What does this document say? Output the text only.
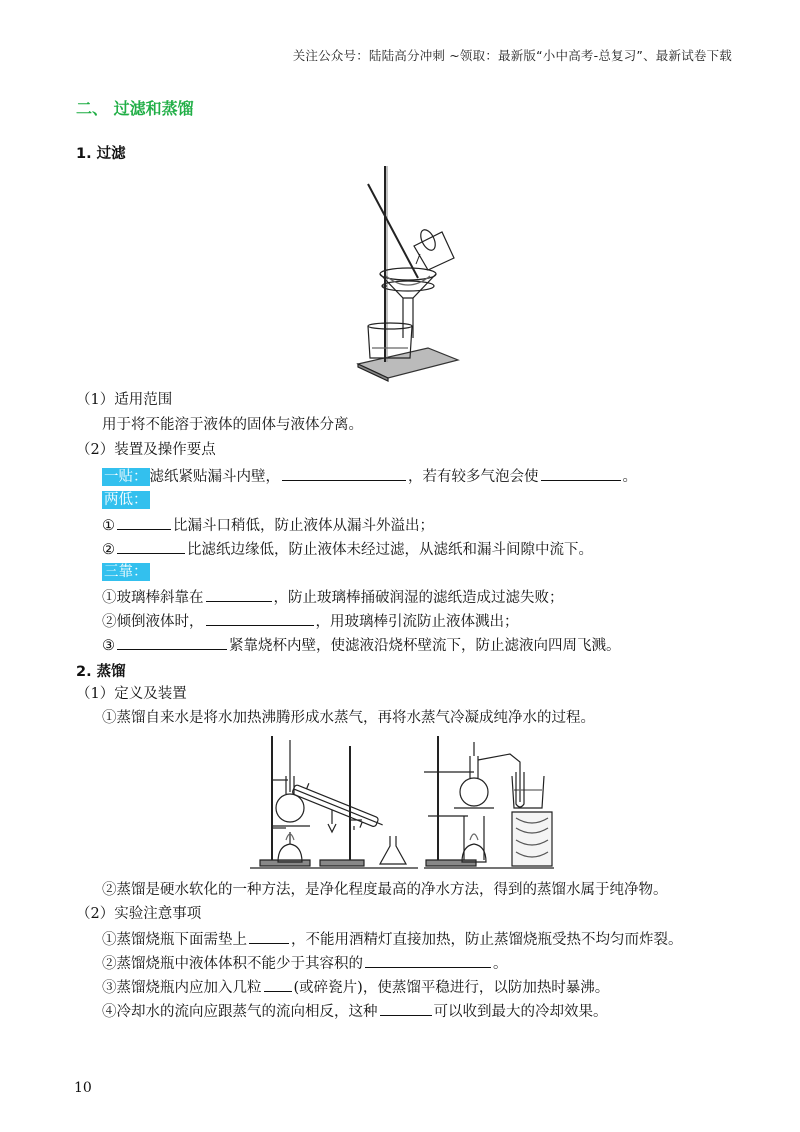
关注公众号：陆陆高分冲刺 ~领取：最新版“小中高考-总复习”、最新试卷下载
二、 过滤和蒸馏
1. 过滤
（1）适用范围
用于将不能溶于液体的固体与液体分离。
（2）装置及操作要点
一贴： 滤纸紧贴漏斗内壁，	，若有较多气泡会使	。
两低：
①	比漏斗口稍低，防止液体从漏斗外溢出；
②	比滤纸边缘低，防止液体未经过滤，从滤纸和漏斗间隙中流下。
三靠：
①玻璃棒斜靠在	，防止玻璃棒捅破润湿的滤纸造成过滤失败；
②倾倒液体时，	，用玻璃棒引流防止液体溅出；
③	紧靠烧杯内壁，使滤液沿烧杯壁流下，防止滤液向四周飞溅。
2. 蒸馏
（1）定义及装置
①蒸馏自来水是将水加热沸腾形成水蒸气，再将水蒸气冷凝成纯净水的过程。
②蒸馏是硬水软化的一种方法，是净化程度最高的净水方法，得到的蒸馏水属于纯净物。
（2）实验注意事项
①蒸馏烧瓶下面需垫上	，不能用酒精灯直接加热，防止蒸馏烧瓶受热不均匀而炸裂。
②蒸馏烧瓶中液体体积不能少于其容积的	。
③蒸馏烧瓶内应加入几粒 (或碎瓷片)，使蒸馏平稳进行，以防加热时暴沸。
④冷却水的流向应跟蒸气的流向相反，这种	可以收到最大的冷却效果。
10
